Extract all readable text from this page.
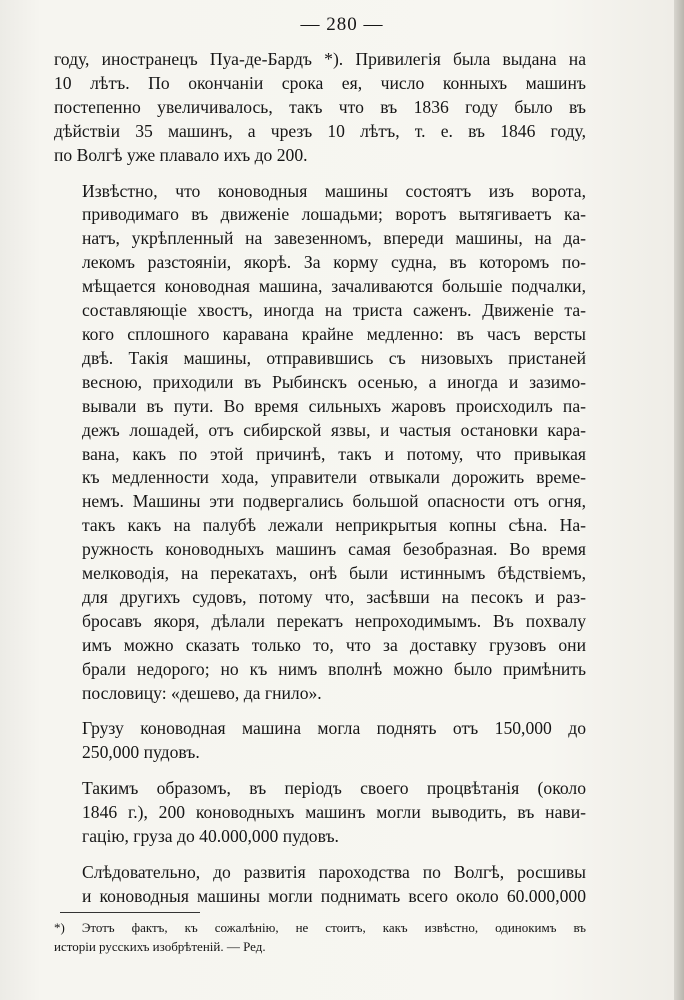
— 280 —

году, иностранецъ Пуа-де-Бардъ *). Привилегія была выдана на
10 лѣтъ. По окончаніи срока ея, число конныхъ машинъ
постепенно увеличивалось, такъ что въ 1836 году было въ
дѣйствіи 35 машинъ, а чрезъ 10 лѣтъ, т. е. въ 1846 году,
по Волгѣ уже плавало ихъ до 200.

Извѣстно, что коноводныя машины состоятъ изъ ворота,
приводимаго въ движеніе лошадьми; воротъ вытягиваетъ ка-
натъ, укрѣпленный на завезенномъ, впереди машины, на да-
лекомъ разстояніи, якорѣ. За корму судна, въ которомъ по-
мѣщается коноводная машина, зачаливаются большіе подчалки,
составляющіе хвостъ, иногда на триста саженъ. Движеніе та-
кого сплошного каравана крайне медленно: въ часъ версты
двѣ. Такія машины, отправившись съ низовыхъ пристаней
весною, приходили въ Рыбинскъ осенью, а иногда и зазимо-
вывали въ пути. Во время сильныхъ жаровъ происходилъ па-
дежъ лошадей, отъ сибирской язвы, и частыя остановки кара-
вана, какъ по этой причинѣ, такъ и потому, что привыкая
къ медленности хода, управители отвыкали дорожить време-
немъ. Машины эти подвергались большой опасности отъ огня,
такъ какъ на палубѣ лежали неприкрытыя копны сѣна. На-
ружность коноводныхъ машинъ самая безобразная. Во время
мелководія, на перекатахъ, онѣ были истиннымъ бѣдствіемъ,
для другихъ судовъ, потому что, засѣвши на песокъ и раз-
бросавъ якоря, дѣлали перекатъ непроходимымъ. Въ похвалу
имъ можно сказать только то, что за доставку грузовъ они
брали недорого; но къ нимъ вполнѣ можно было примѣнить
пословицу: «дешево, да гнило».

Грузу коноводная машина могла поднять отъ 150,000 до
250,000 пудовъ.

Такимъ образомъ, въ періодъ своего процвѣтанія (около
1846 г.), 200 коноводныхъ машинъ могли выводить, въ нави-
гацію, груза до 40.000,000 пудовъ.

Слѣдовательно, до развитія пароходства по Волгѣ, росшивы
и коноводныя машины могли поднимать всего около 60.000,000

*) Этотъ фактъ, къ сожалѣнію, не стоитъ, какъ извѣстно, одинокимъ въ
исторіи русскихъ изобрѣтеній. — Ред.
